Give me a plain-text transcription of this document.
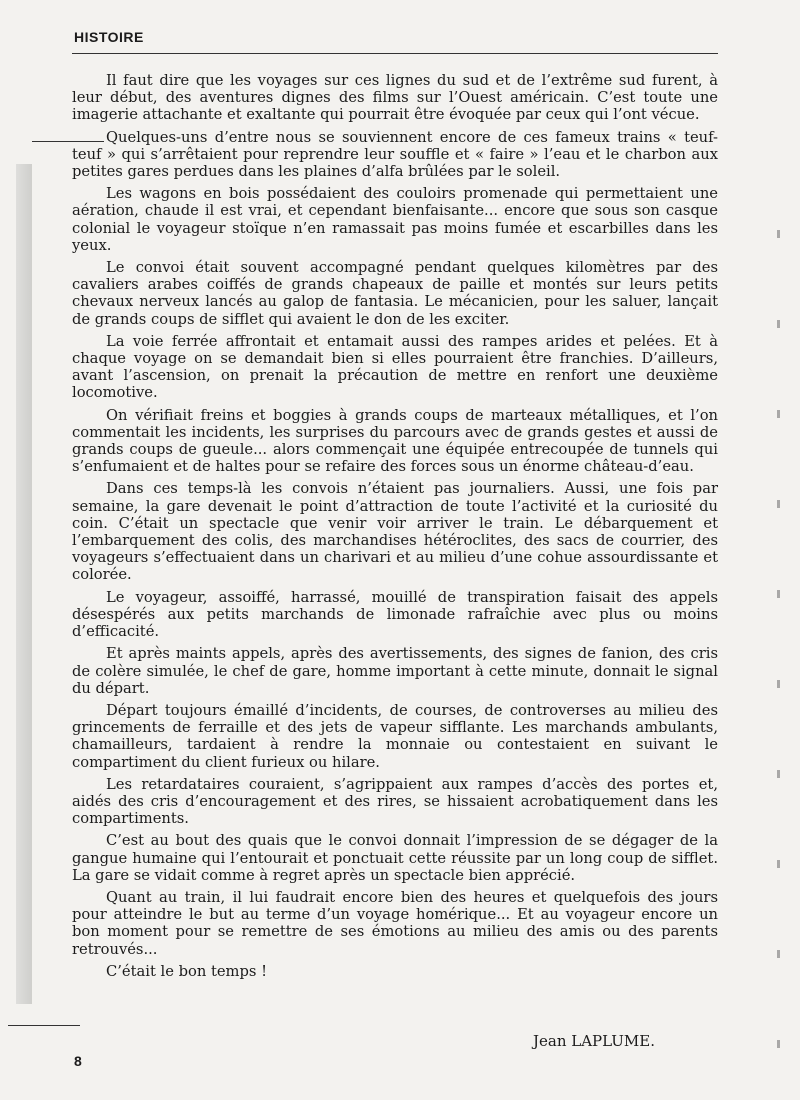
HISTOIRE

Il faut dire que les voyages sur ces lignes du sud et de l’extrême sud furent, à leur début, des aventures dignes des films sur l’Ouest américain. C’est toute une imagerie attachante et exaltante qui pourrait être évoquée par ceux qui l’ont vécue.

Quelques-uns d’entre nous se souviennent encore de ces fameux trains « teuf-teuf » qui s’arrêtaient pour reprendre leur souffle et « faire » l’eau et le charbon aux petites gares perdues dans les plaines d’alfa brûlées par le soleil.

Les wagons en bois possédaient des couloirs promenade qui permettaient une aération, chaude il est vrai, et cependant bienfaisante... encore que sous son casque colonial le voyageur stoïque n’en ramassait pas moins fumée et escarbilles dans les yeux.

Le convoi était souvent accompagné pendant quelques kilomètres par des cavaliers arabes coiffés de grands chapeaux de paille et montés sur leurs petits chevaux nerveux lancés au galop de fantasia. Le mécanicien, pour les saluer, lançait de grands coups de sifflet qui avaient le don de les exciter.

La voie ferrée affrontait et entamait aussi des rampes arides et pelées. Et à chaque voyage on se demandait bien si elles pourraient être franchies. D’ailleurs, avant l’ascension, on prenait la précaution de mettre en renfort une deuxième locomotive.

On vérifiait freins et boggies à grands coups de marteaux métalliques, et l’on commentait les incidents, les surprises du parcours avec de grands gestes et aussi de grands coups de gueule... alors commençait une équipée entrecoupée de tunnels qui s’enfumaient et de haltes pour se refaire des forces sous un énorme château-d’eau.

Dans ces temps-là les convois n’étaient pas journaliers. Aussi, une fois par semaine, la gare devenait le point d’attraction de toute l’activité et la curiosité du coin. C’était un spectacle que venir voir arriver le train. Le débarquement et l’embarquement des colis, des marchandises hétéroclites, des sacs de courrier, des voyageurs s’effectuaient dans un charivari et au milieu d’une cohue assourdissante et colorée.

Le voyageur, assoiffé, harrassé, mouillé de transpiration faisait des appels désespérés aux petits marchands de limonade rafraîchie avec plus ou moins d’efficacité.

Et après maints appels, après des avertissements, des signes de fanion, des cris de colère simulée, le chef de gare, homme important à cette minute, donnait le signal du départ.

Départ toujours émaillé d’incidents, de courses, de controverses au milieu des grincements de ferraille et des jets de vapeur sifflante. Les marchands ambulants, chamailleurs, tardaient à rendre la monnaie ou contestaient en suivant le compartiment du client furieux ou hilare.

Les retardataires couraient, s’agrippaient aux rampes d’accès des portes et, aidés des cris d’encouragement et des rires, se hissaient acrobatiquement dans les compartiments.

C’est au bout des quais que le convoi donnait l’impression de se dégager de la gangue humaine qui l’entourait et ponctuait cette réussite par un long coup de sifflet. La gare se vidait comme à regret après un spectacle bien apprécié.

Quant au train, il lui faudrait encore bien des heures et quelquefois des jours pour atteindre le but au terme d’un voyage homérique... Et au voyageur encore un bon moment pour se remettre de ses émotions au milieu des amis ou des parents retrouvés...

C’était le bon temps !

Jean LAPLUME.
8
